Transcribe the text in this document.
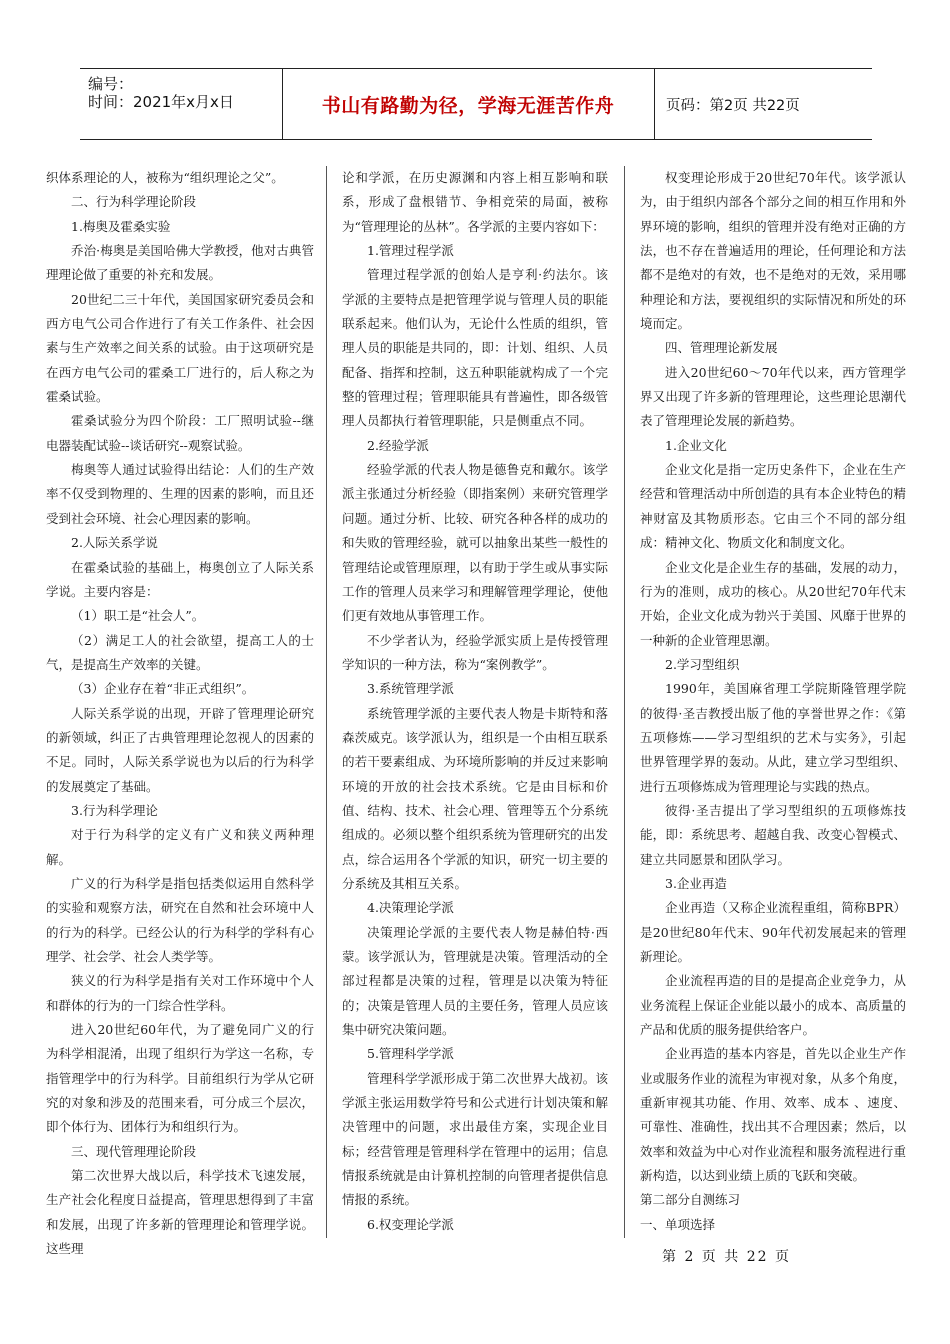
编号：
时间：2021年x月x日	书山有路勤为径，学海无涯苦作舟	页码：第2页 共22页

织体系理论的人，被称为“组织理论之父”。

二、行为科学理论阶段

1.梅奥及霍桑实验

乔治·梅奥是美国哈佛大学教授，他对古典管理理论做了重要的补充和发展。

20世纪二三十年代，美国国家研究委员会和西方电气公司合作进行了有关工作条件、社会因素与生产效率之间关系的试验。由于这项研究是在西方电气公司的霍桑工厂进行的，后人称之为霍桑试验。

霍桑试验分为四个阶段：工厂照明试验--继电器装配试验--谈话研究--观察试验。

梅奥等人通过试验得出结论：人们的生产效率不仅受到物理的、生理的因素的影响，而且还受到社会环境、社会心理因素的影响。

2.人际关系学说

在霍桑试验的基础上，梅奥创立了人际关系学说。主要内容是：

（1）职工是“社会人”。

（2）满足工人的社会欲望，提高工人的士气，是提高生产效率的关键。

（3）企业存在着“非正式组织”。

人际关系学说的出现，开辟了管理理论研究的新领域，纠正了古典管理理论忽视人的因素的不足。同时，人际关系学说也为以后的行为科学的发展奠定了基础。

3.行为科学理论

对于行为科学的定义有广义和狭义两种理解。

广义的行为科学是指包括类似运用自然科学的实验和观察方法，研究在自然和社会环境中人的行为的科学。已经公认的行为科学的学科有心理学、社会学、社会人类学等。

狭义的行为科学是指有关对工作环境中个人和群体的行为的一门综合性学科。

进入20世纪60年代，为了避免同广义的行为科学相混淆，出现了组织行为学这一名称，专指管理学中的行为科学。目前组织行为学从它研究的对象和涉及的范围来看，可分成三个层次，即个体行为、团体行为和组织行为。

三、现代管理理论阶段

第二次世界大战以后，科学技术飞速发展，生产社会化程度日益提高，管理思想得到了丰富和发展，出现了许多新的管理理论和管理学说。这些理

论和学派，在历史源渊和内容上相互影响和联系，形成了盘根错节、争相竞荣的局面，被称为“管理理论的丛林”。各学派的主要内容如下：

1.管理过程学派

管理过程学派的创始人是亨利·约法尔。该学派的主要特点是把管理学说与管理人员的职能联系起来。他们认为，无论什么性质的组织，管理人员的职能是共同的，即：计划、组织、人员配备、指挥和控制，这五种职能就构成了一个完整的管理过程；管理职能具有普遍性，即各级管理人员都执行着管理职能，只是侧重点不同。

2.经验学派

经验学派的代表人物是德鲁克和戴尔。该学派主张通过分析经验（即指案例）来研究管理学问题。通过分析、比较、研究各种各样的成功的和失败的管理经验，就可以抽象出某些一般性的管理结论或管理原理，以有助于学生或从事实际工作的管理人员来学习和理解管理学理论，使他们更有效地从事管理工作。

不少学者认为，经验学派实质上是传授管理学知识的一种方法，称为“案例教学”。

3.系统管理学派

系统管理学派的主要代表人物是卡斯特和落森茨威克。该学派认为，组织是一个由相互联系的若干要素组成、为环境所影响的并反过来影响环境的开放的社会技术系统。它是由目标和价值、结构、技术、社会心理、管理等五个分系统组成的。必须以整个组织系统为管理研究的出发点，综合运用各个学派的知识，研究一切主要的分系统及其相互关系。

4.决策理论学派

决策理论学派的主要代表人物是赫伯特·西蒙。该学派认为，管理就是决策。管理活动的全部过程都是决策的过程，管理是以决策为特征的；决策是管理人员的主要任务，管理人员应该集中研究决策问题。

5.管理科学学派

管理科学学派形成于第二次世界大战初。该学派主张运用数学符号和公式进行计划决策和解决管理中的问题，求出最佳方案，实现企业目标；经营管理是管理科学在管理中的运用；信息情报系统就是由计算机控制的向管理者提供信息情报的系统。

6.权变理论学派

权变理论形成于20世纪70年代。该学派认为，由于组织内部各个部分之间的相互作用和外界环境的影响，组织的管理并没有绝对正确的方法，也不存在普遍适用的理论，任何理论和方法都不是绝对的有效，也不是绝对的无效，采用哪种理论和方法，要视组织的实际情况和所处的环境而定。

四、管理理论新发展

进入20世纪60～70年代以来，西方管理学界又出现了许多新的管理理论，这些理论思潮代表了管理理论发展的新趋势。

1.企业文化

企业文化是指一定历史条件下，企业在生产经营和管理活动中所创造的具有本企业特色的精神财富及其物质形态。它由三个不同的部分组成：精神文化、物质文化和制度文化。

企业文化是企业生存的基础，发展的动力，行为的准则，成功的核心。从20世纪70年代末开始，企业文化成为勃兴于美国、风靡于世界的一种新的企业管理思潮。

2.学习型组织

1990年，美国麻省理工学院斯隆管理学院的彼得·圣吉教授出版了他的享誉世界之作：《第五项修炼——学习型组织的艺术与实务》，引起世界管理学界的轰动。从此，建立学习型组织、进行五项修炼成为管理理论与实践的热点。

彼得·圣吉提出了学习型组织的五项修炼技能，即：系统思考、超越自我、改变心智模式、建立共同愿景和团队学习。

3.企业再造

企业再造（又称企业流程重组，简称BPR）是20世纪80年代末、90年代初发展起来的管理新理论。

企业流程再造的目的是提高企业竞争力，从业务流程上保证企业能以最小的成本、高质量的产品和优质的服务提供给客户。

企业再造的基本内容是，首先以企业生产作业或服务作业的流程为审视对象，从多个角度，重新审视其功能、作用、效率、成本 、速度、可靠性、准确性，找出其不合理因素；然后，以效率和效益为中心对作业流程和服务流程进行重新构造，以达到业绩上质的飞跃和突破。

第二部分自测练习

一、单项选择

第 2 页 共 22 页
